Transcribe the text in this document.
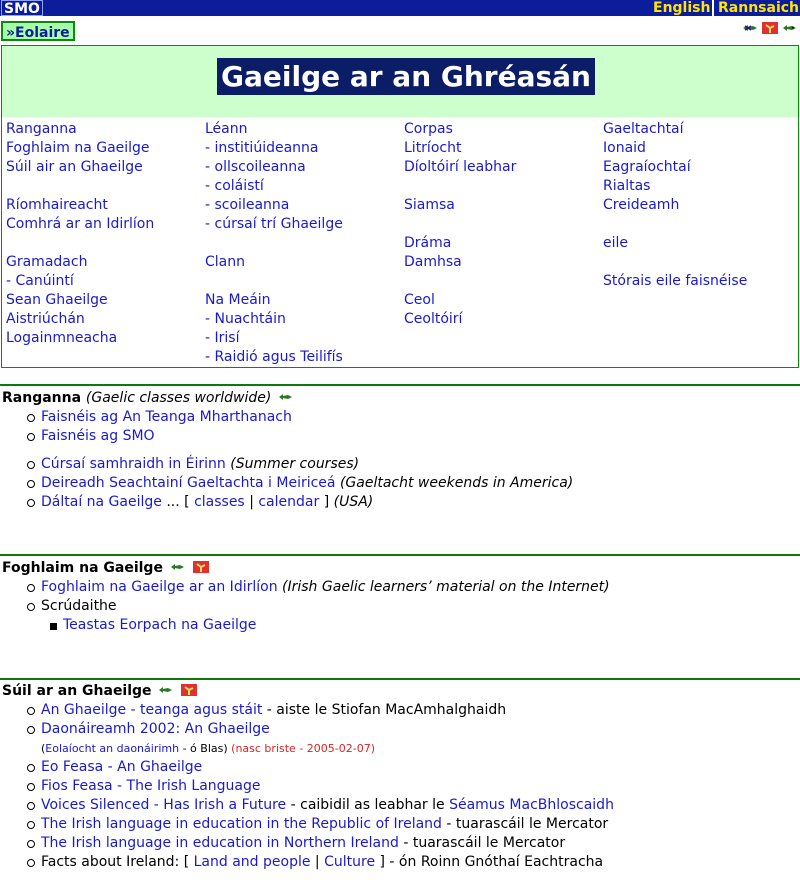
SMO	English Rannsaich
»Eolaire
Gaeilge ar an Ghréasán
Ranganna
Foghlaim na Gaeilge
Súil air an Ghaeilge
Ríomhaireacht
Comhrá ar an Idirlíon
Gramadach
- Canúintí
Sean Ghaeilge
Aistriúchán
Logainmneacha
Léann
- institiúideanna
- ollscoileanna
- coláistí
- scoileanna
- cúrsaí trí Ghaeilge
Clann
Na Meáin
- Nuachtáin
- Irisí
- Raidió agus Teilifís
Corpas
Litríocht
Díoltóirí leabhar
Siamsa
Dráma
Damhsa
Ceol
Ceoltóirí
Gaeltachtaí
Ionaid
Eagraíochtaí
Rialtas
Creideamh
eile
Stórais eile faisnéise
Ranganna (Gaelic classes worldwide)
Faisnéis ag An Teanga Mharthanach
Faisnéis ag SMO
Cúrsaí samhraidh in Éirinn (Summer courses)
Deireadh Seachtainí Gaeltachta i Meiriceá (Gaeltacht weekends in America)
Dáltaí na Gaeilge ... [ classes | calendar ] (USA)
Foghlaim na Gaeilge
Foghlaim na Gaeilge ar an Idirlíon (Irish Gaelic learners’ material on the Internet)
Scrúdaithe
Teastas Eorpach na Gaeilge
Súil ar an Ghaeilge
An Ghaeilge - teanga agus stáit - aiste le Stiofan MacAmhalghaidh
Daonáireamh 2002: An Ghaeilge
(Eolaíocht an daonáirimh - ó Blas) (nasc briste - 2005-02-07)
Eo Feasa - An Ghaeilge
Fios Feasa - The Irish Language
Voices Silenced - Has Irish a Future - caibidil as leabhar le Séamus MacBhloscaidh
The Irish language in education in the Republic of Ireland - tuarascáil le Mercator
The Irish language in education in Northern Ireland - tuarascáil le Mercator
Facts about Ireland: [ Land and people | Culture ] - ón Roinn Gnóthaí Eachtracha
